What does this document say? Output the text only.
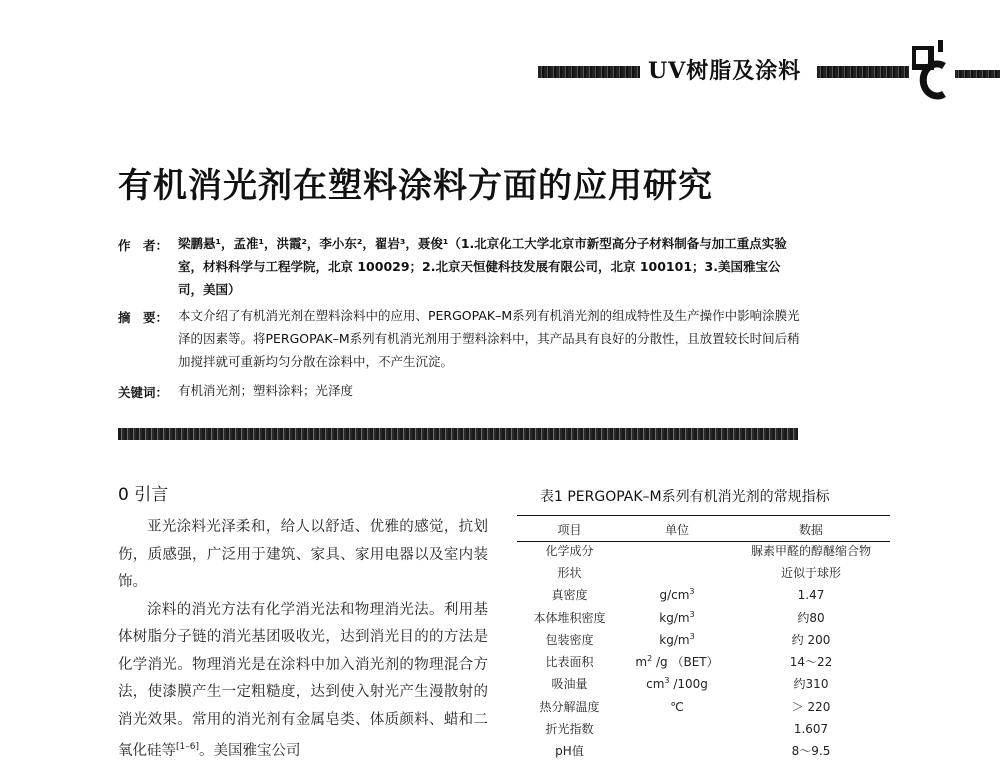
UV树脂及涂料
有机消光剂在塑料涂料方面的应用研究
作　者： 梁鹏悬¹，孟准¹，洪霞²，李小东²，翟岩³，聂俊¹（1.北京化工大学北京市新型高分子材料制备与加工重点实验室，材料科学与工程学院，北京 100029；2.北京天恒健科技发展有限公司，北京 100101；3.美国雅宝公司，美国）
摘　要： 本文介绍了有机消光剂在塑料涂料中的应用、PERGOPAK–M系列有机消光剂的组成特性及生产操作中影响涂膜光泽的因素等。将PERGOPAK–M系列有机消光剂用于塑料涂料中，其产品具有良好的分散性，且放置较长时间后稍加搅拌就可重新均匀分散在涂料中，不产生沉淀。
关键词： 有机消光剂；塑料涂料；光泽度
0 引言

亚光涂料光泽柔和，给人以舒适、优雅的感觉，抗划伤，质感强，广泛用于建筑、家具、家用电器以及室内装饰。

涂料的消光方法有化学消光法和物理消光法。利用基体树脂分子链的消光基团吸收光，达到消光目的的方法是化学消光。物理消光是在涂料中加入消光剂的物理混合方法，使漆膜产生一定粗糙度，达到使入射光产生漫散射的消光效果。常用的消光剂有金属皂类、体质颜料、蜡和二氧化硅等[1–6]。美国雅宝公司

表1 PERGOPAK–M系列有机消光剂的常规指标
项目	单位	数据
化学成分		脲素甲醛的醇醚缩合物
形状		近似于球形
真密度	$g/cm^3$	1.47
本体堆积密度	$kg/m^3$	约80
包装密度	$kg/m^3$	约 200
比表面积	$m^2$ /g （BET）	14～22
吸油量	$cm^3$ /100g	约310
热分解温度	℃	＞ 220
折光指数		1.607
pH值		8～9.5
